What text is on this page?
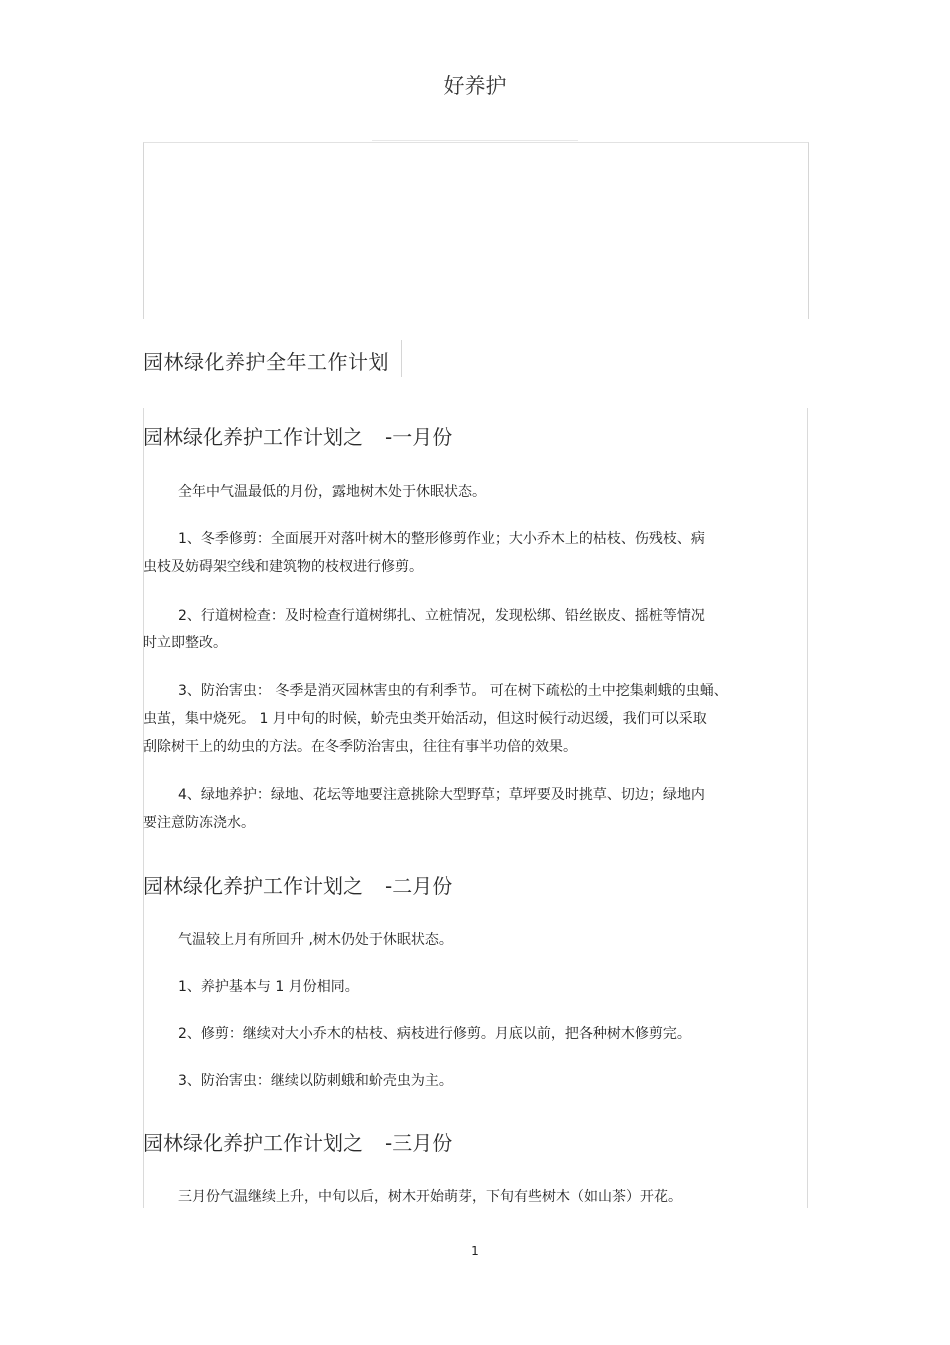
好养护
园林绿化养护全年工作计划
园林绿化养护工作计划之 -一月份
全年中气温最低的月份，露地树木处于休眠状态。
1、冬季修剪：全面展开对落叶树木的整形修剪作业；大小乔木上的枯枝、伤残枝、病
虫枝及妨碍架空线和建筑物的枝杈进行修剪。
2、行道树检查：及时检查行道树绑扎、立桩情况，发现松绑、铅丝嵌皮、摇桩等情况
时立即整改。
3、防治害虫： 冬季是消灭园林害虫的有利季节。 可在树下疏松的土中挖集刺蛾的虫蛹、
虫茧，集中烧死。 1 月中旬的时候，蚧壳虫类开始活动，但这时候行动迟缓，我们可以采取
刮除树干上的幼虫的方法。在冬季防治害虫，往往有事半功倍的效果。
4、绿地养护：绿地、花坛等地要注意挑除大型野草；草坪要及时挑草、切边；绿地内
要注意防冻浇水。
园林绿化养护工作计划之 -二月份
气温较上月有所回升 ,树木仍处于休眠状态。
1、养护基本与 1 月份相同。
2、修剪：继续对大小乔木的枯枝、病枝进行修剪。月底以前，把各种树木修剪完。
3、防治害虫：继续以防刺蛾和蚧壳虫为主。
园林绿化养护工作计划之 -三月份
三月份气温继续上升，中旬以后，树木开始萌芽，下旬有些树木（如山茶）开花。
1
